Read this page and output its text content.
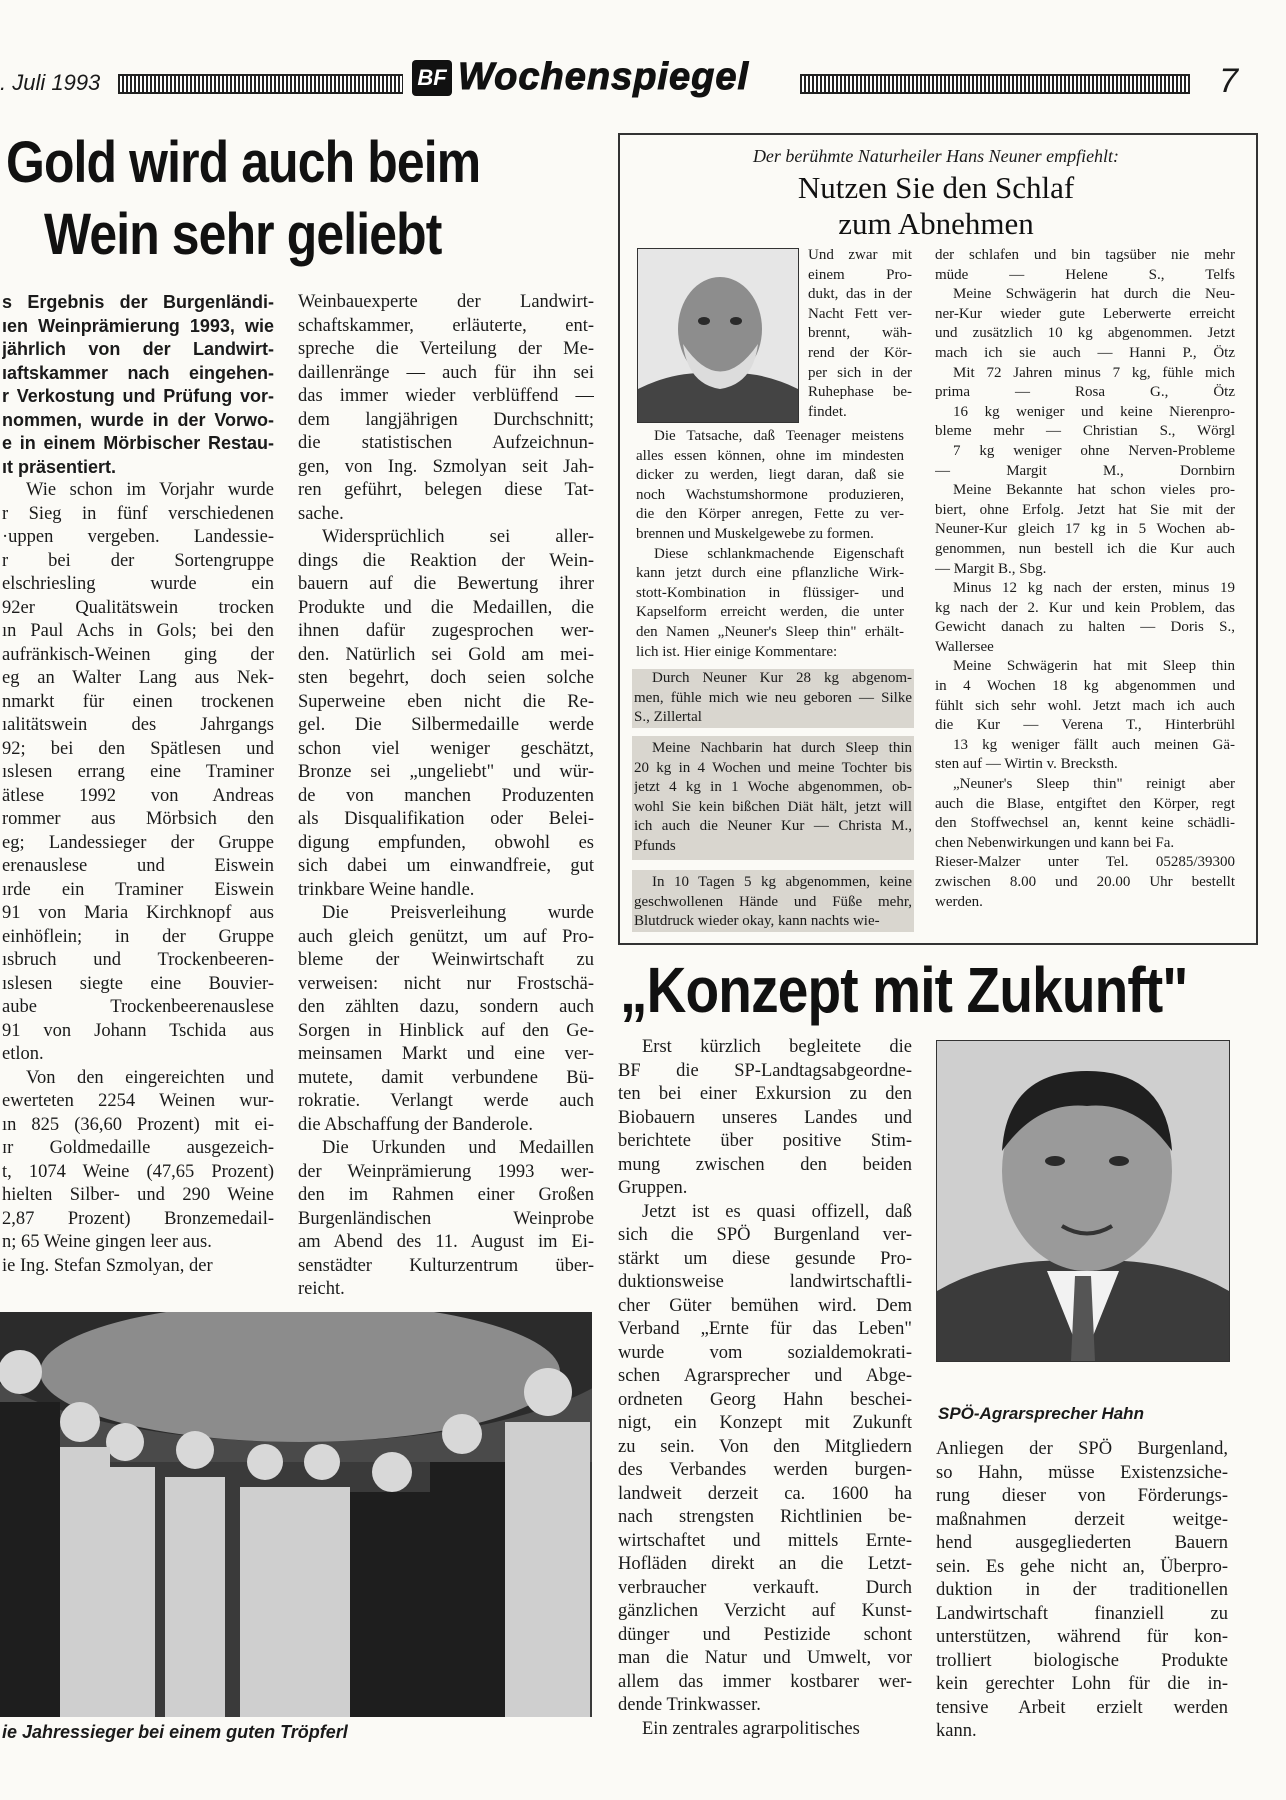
. Juli 1993	BF Wochenspiegel	7
Gold wird auch beim
Wein sehr geliebt
s Ergebnis der Burgenländi-
ıen Weinprämierung 1993, wie
jährlich von der Landwirt-
ıaftskammer nach eingehen-
r Verkostung und Prüfung vor-
nommen, wurde in der Vorwo-
e in einem Mörbischer Restau-
ıt präsentiert.
Wie schon im Vorjahr wurde
r Sieg in fünf verschiedenen
·uppen vergeben. Landessie-
r bei der Sortengruppe
elschriesling wurde ein
92er Qualitätswein trocken
ın Paul Achs in Gols; bei den
aufränkisch-Weinen ging der
eg an Walter Lang aus Nek-
nmarkt für einen trockenen
ıalitätswein des Jahrgangs
92; bei den Spätlesen und
ıslesen errang eine Traminer
ätlese 1992 von Andreas
rommer aus Mörbsich den
eg; Landessieger der Gruppe
erenauslese und Eiswein
ırde ein Traminer Eiswein
91 von Maria Kirchknopf aus
einhöflein; in der Gruppe
ısbruch und Trockenbeeren-
ıslesen siegte eine Bouvier-
aube Trockenbeerenauslese
91 von Johann Tschida aus
etlon.
Von den eingereichten und
ewerteten 2254 Weinen wur-
ın 825 (36,60 Prozent) mit ei-
ɪr Goldmedaille ausgezeich-
t, 1074 Weine (47,65 Prozent)
hielten Silber- und 290 Weine
2,87 Prozent) Bronzemedail-
n; 65 Weine gingen leer aus.
ie Ing. Stefan Szmolyan, der
Weinbauexperte der Landwirt-
schaftskammer, erläuterte, ent-
spreche die Verteilung der Me-
daillenränge — auch für ihn sei
das immer wieder verblüffend —
dem langjährigen Durchschnitt;
die statistischen Aufzeichnun-
gen, von Ing. Szmolyan seit Jah-
ren geführt, belegen diese Tat-
sache.
Widersprüchlich sei aller-
dings die Reaktion der Wein-
bauern auf die Bewertung ihrer
Produkte und die Medaillen, die
ihnen dafür zugesprochen wer-
den. Natürlich sei Gold am mei-
sten begehrt, doch seien solche
Superweine eben nicht die Re-
gel. Die Silbermedaille werde
schon viel weniger geschätzt,
Bronze sei „ungeliebt" und wür-
de von manchen Produzenten
als Disqualifikation oder Belei-
digung empfunden, obwohl es
sich dabei um einwandfreie, gut
trinkbare Weine handle.
Die Preisverleihung wurde
auch gleich genützt, um auf Pro-
bleme der Weinwirtschaft zu
verweisen: nicht nur Frostschä-
den zählten dazu, sondern auch
Sorgen in Hinblick auf den Ge-
meinsamen Markt und eine ver-
mutete, damit verbundene Bü-
rokratie. Verlangt werde auch
die Abschaffung der Banderole.
Die Urkunden und Medaillen
der Weinprämierung 1993 wer-
den im Rahmen einer Großen
Burgenländischen Weinprobe
am Abend des 11. August im Ei-
senstädter Kulturzentrum über-
reicht.
ie Jahressieger bei einem guten Tröpferl
Der berühmte Naturheiler Hans Neuner empfiehlt:
Nutzen Sie den Schlaf
zum Abnehmen
Und zwar mit
einem Pro-
dukt, das in der
Nacht Fett ver-
brennt, wäh-
rend der Kör-
per sich in der
Ruhephase be-
findet.
Die Tatsache, daß Teenager meistens
alles essen können, ohne im mindesten
dicker zu werden, liegt daran, daß sie
noch Wachstumshormone produzieren,
die den Körper anregen, Fette zu ver-
brennen und Muskelgewebe zu formen.
Diese schlankmachende Eigenschaft
kann jetzt durch eine pflanzliche Wirk-
stott-Kombination in flüssiger- und
Kapselform erreicht werden, die unter
den Namen „Neuner's Sleep thin" erhält-
lich ist. Hier einige Kommentare:
Durch Neuner Kur 28 kg abgenom-
men, fühle mich wie neu geboren — Silke
S., Zillertal
Meine Nachbarin hat durch Sleep thin
20 kg in 4 Wochen und meine Tochter bis
jetzt 4 kg in 1 Woche abgenommen, ob-
wohl Sie kein bißchen Diät hält, jetzt will
ich auch die Neuner Kur — Christa M.,
Pfunds
In 10 Tagen 5 kg abgenommen, keine
geschwollenen Hände und Füße mehr,
Blutdruck wieder okay, kann nachts wie-
der schlafen und bin tagsüber nie mehr
müde — Helene S., Telfs
Meine Schwägerin hat durch die Neu-
ner-Kur wieder gute Leberwerte erreicht
und zusätzlich 10 kg abgenommen. Jetzt
mach ich sie auch — Hanni P., Ötz
Mit 72 Jahren minus 7 kg, fühle mich
prima — Rosa G., Ötz
16 kg weniger und keine Nierenpro-
bleme mehr — Christian S., Wörgl
7 kg weniger ohne Nerven-Probleme
— Margit M., Dornbirn
Meine Bekannte hat schon vieles pro-
biert, ohne Erfolg. Jetzt hat Sie mit der
Neuner-Kur gleich 17 kg in 5 Wochen ab-
genommen, nun bestell ich die Kur auch
— Margit B., Sbg.
Minus 12 kg nach der ersten, minus 19
kg nach der 2. Kur und kein Problem, das
Gewicht danach zu halten — Doris S.,
Wallersee
Meine Schwägerin hat mit Sleep thin
in 4 Wochen 18 kg abgenommen und
fühlt sich sehr wohl. Jetzt mach ich auch
die Kur — Verena T., Hinterbrühl
13 kg weniger fällt auch meinen Gä-
sten auf — Wirtin v. Brecksth.
„Neuner's Sleep thin" reinigt aber
auch die Blase, entgiftet den Körper, regt
den Stoffwechsel an, kennt keine schädli-
chen Nebenwirkungen und kann bei Fa.
Rieser-Malzer unter Tel. 05285/39300
zwischen 8.00 und 20.00 Uhr bestellt
werden.
„Konzept mit Zukunft"
Erst kürzlich begleitete die
BF die SP-Landtagsabgeordne-
ten bei einer Exkursion zu den
Biobauern unseres Landes und
berichtete über positive Stim-
mung zwischen den beiden
Gruppen.
Jetzt ist es quasi offizell, daß
sich die SPÖ Burgenland ver-
stärkt um diese gesunde Pro-
duktionsweise landwirtschaftli-
cher Güter bemühen wird. Dem
Verband „Ernte für das Leben"
wurde vom sozialdemokrati-
schen Agrarsprecher und Abge-
ordneten Georg Hahn beschei-
nigt, ein Konzept mit Zukunft
zu sein. Von den Mitgliedern
des Verbandes werden burgen-
landweit derzeit ca. 1600 ha
nach strengsten Richtlinien be-
wirtschaftet und mittels Ernte-
Hofläden direkt an die Letzt-
verbraucher verkauft. Durch
gänzlichen Verzicht auf Kunst-
dünger und Pestizide schont
man die Natur und Umwelt, vor
allem das immer kostbarer wer-
dende Trinkwasser.
Ein zentrales agrarpolitisches
SPÖ-Agrarsprecher Hahn
Anliegen der SPÖ Burgenland,
so Hahn, müsse Existenzsiche-
rung dieser von Förderungs-
maßnahmen derzeit weitge-
hend ausgegliederten Bauern
sein. Es gehe nicht an, Überpro-
duktion in der traditionellen
Landwirtschaft finanziell zu
unterstützen, während für kon-
trolliert biologische Produkte
kein gerechter Lohn für die in-
tensive Arbeit erzielt werden
kann.
